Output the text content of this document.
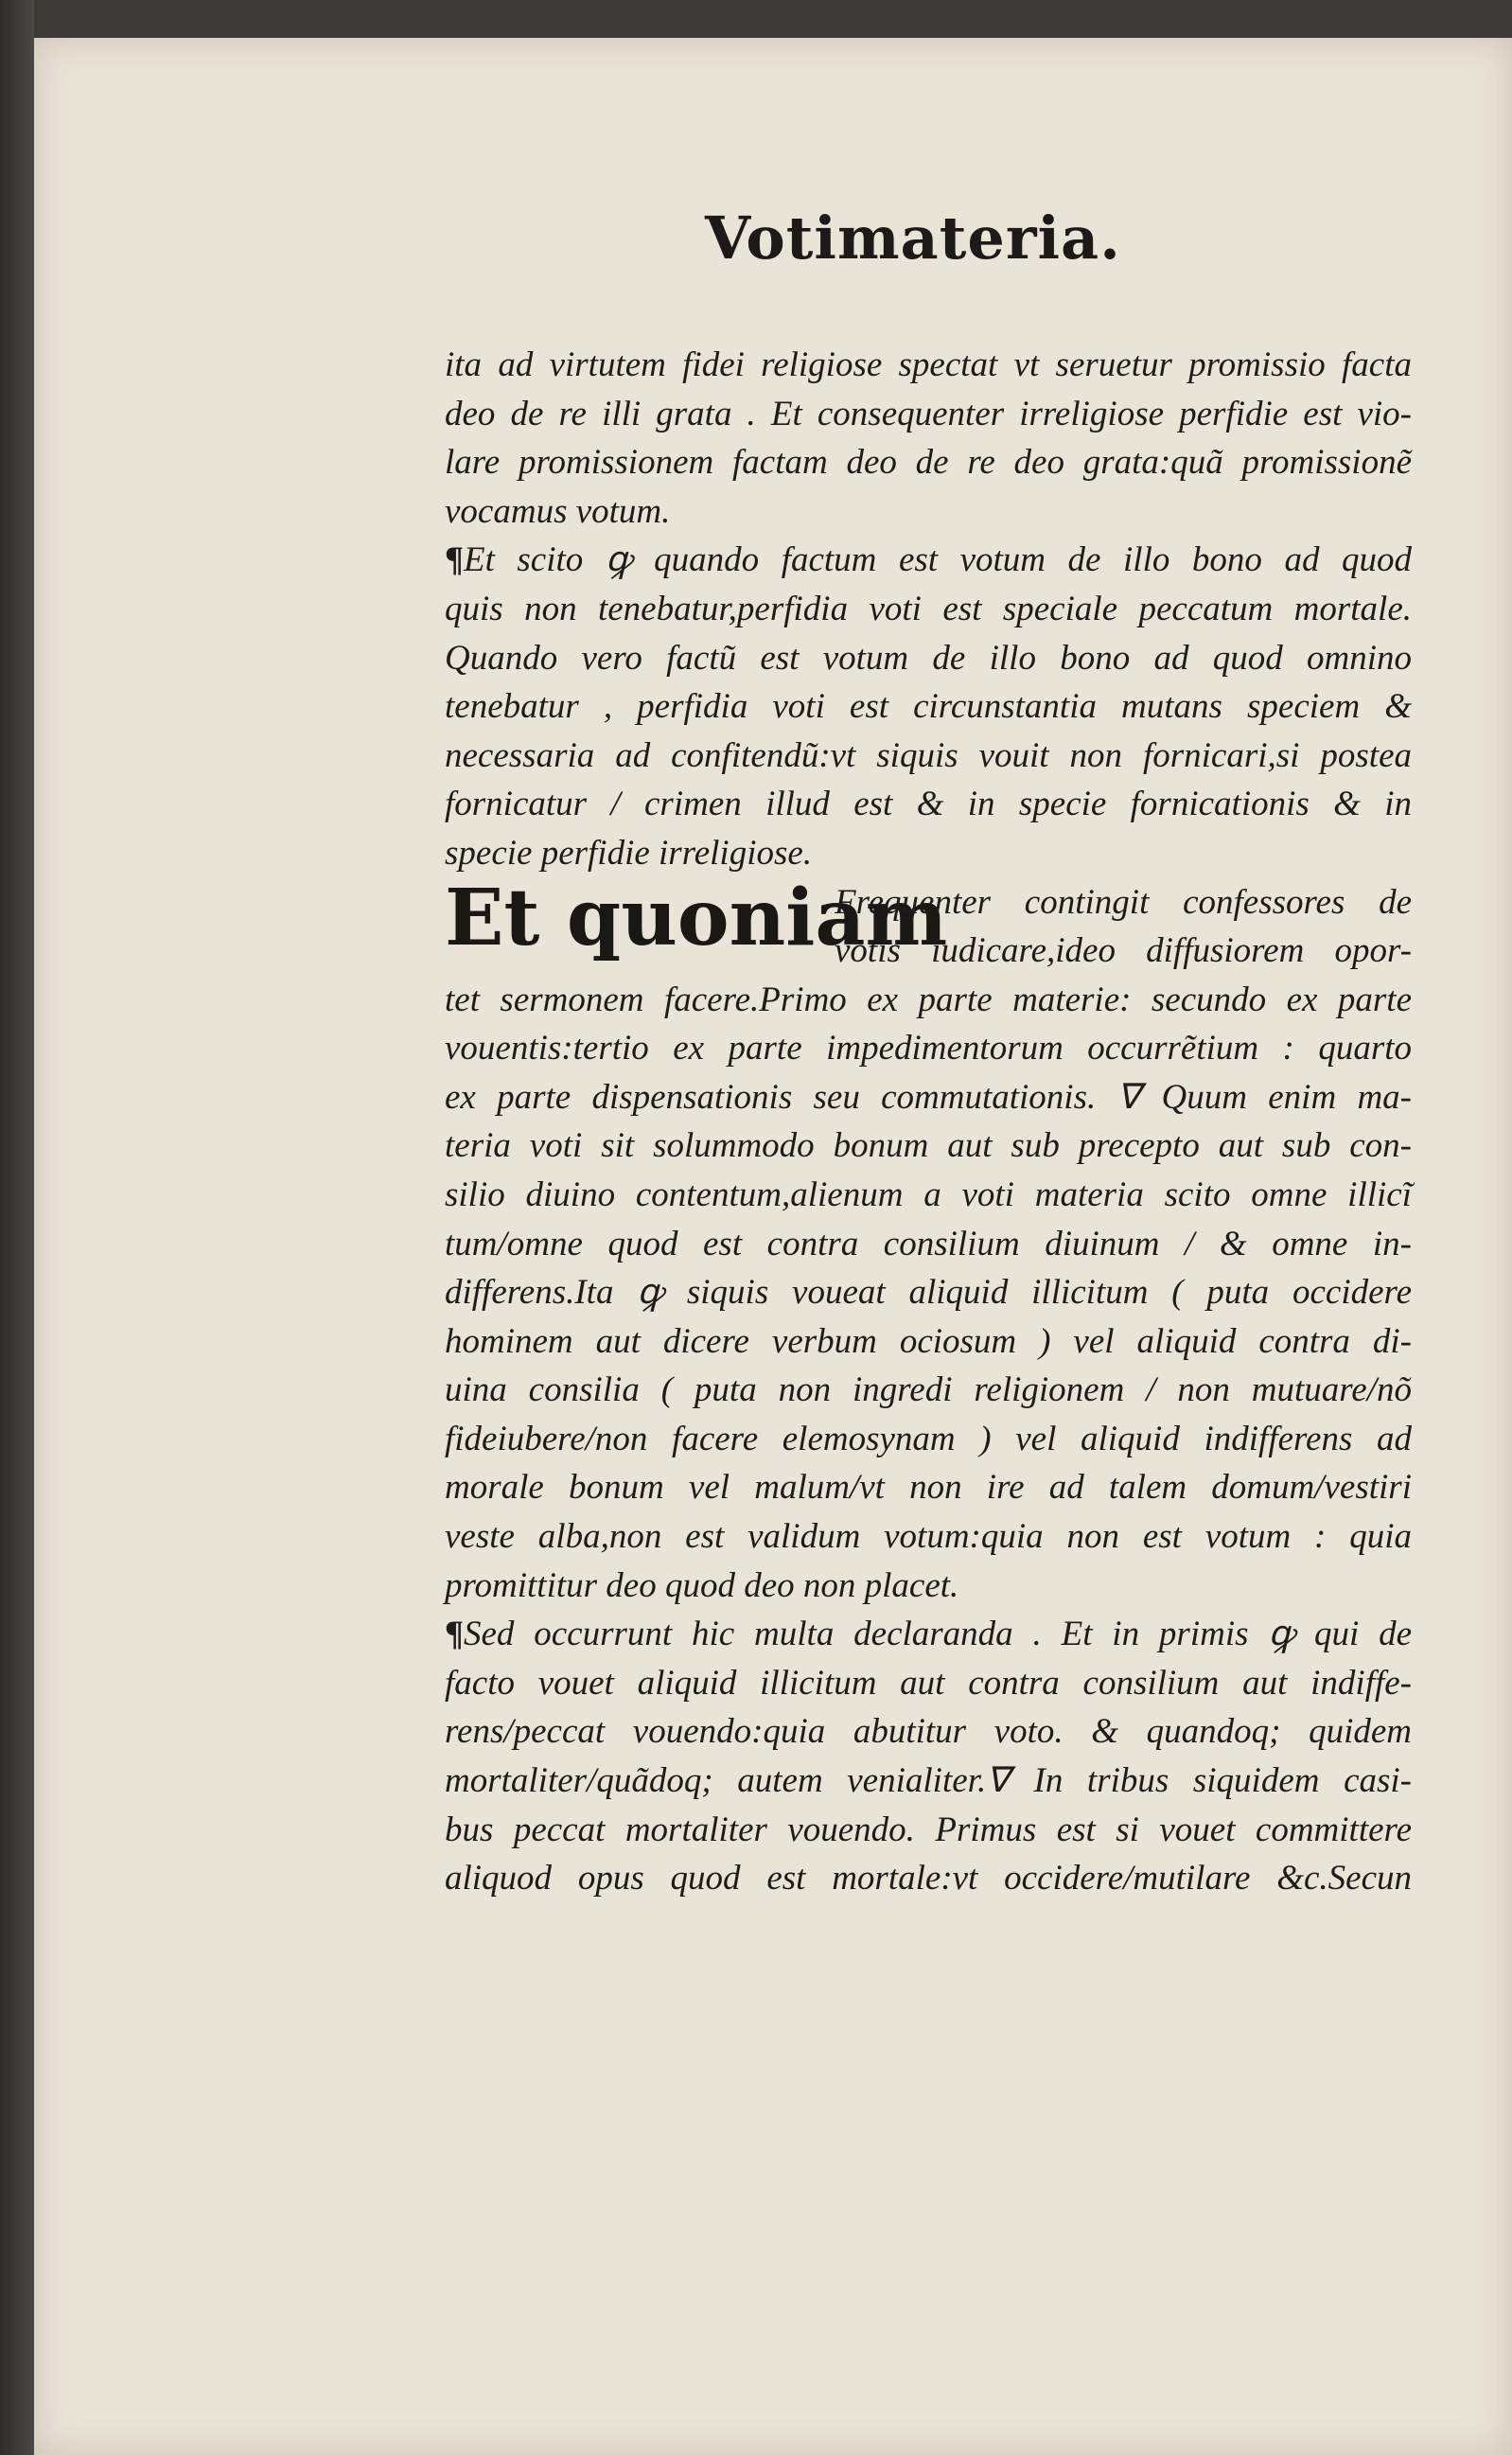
Votimateria.
ita ad virtutem fidei religiose spectat vt seruetur promissio facta
deo de re illi grata . Et consequenter irreligiose perfidie est vio-
lare promissionem factam deo de re deo grata:quã promissionẽ
vocamus votum.
¶Et scito ꝙ quando factum est votum de illo bono ad quod
quis non tenebatur,perfidia voti est speciale peccatum mortale.
Quando vero factũ est votum de illo bono ad quod omnino
tenebatur , perfidia voti est circunstantia mutans speciem &
necessaria ad confitendũ:vt siquis vouit non fornicari,si postea
fornicatur / crimen illud est & in specie fornicationis & in
specie perfidie irreligiose.
Et quoniam
Frequenter contingit confessores de
votis iudicare,ideo diffusiorem opor-
tet sermonem facere.Primo ex parte materie: secundo ex parte
vouentis:tertio ex parte impedimentorum occurrẽtium : quarto
ex parte dispensationis seu commutationis. ∇ Quum enim ma-
teria voti sit solummodo bonum aut sub precepto aut sub con-
silio diuino contentum,alienum a voti materia scito omne illicĩ
tum/omne quod est contra consilium diuinum / & omne in-
differens.Ita ꝙ siquis voueat aliquid illicitum ( puta occidere
hominem aut dicere verbum ociosum ) vel aliquid contra di-
uina consilia ( puta non ingredi religionem / non mutuare/nõ
fideiubere/non facere elemosynam ) vel aliquid indifferens ad
morale bonum vel malum/vt non ire ad talem domum/vestiri
veste alba,non est validum votum:quia non est votum : quia
promittitur deo quod deo non placet.
¶Sed occurrunt hic multa declaranda . Et in primis ꝙ qui de
facto vouet aliquid illicitum aut contra consilium aut indiffe-
rens/peccat vouendo:quia abutitur voto. & quandoq; quidem
mortaliter/quãdoq; autem venialiter.∇ In tribus siquidem casi-
bus peccat mortaliter vouendo. Primus est si vouet committere
aliquod opus quod est mortale:vt occidere/mutilare &c.Secun
